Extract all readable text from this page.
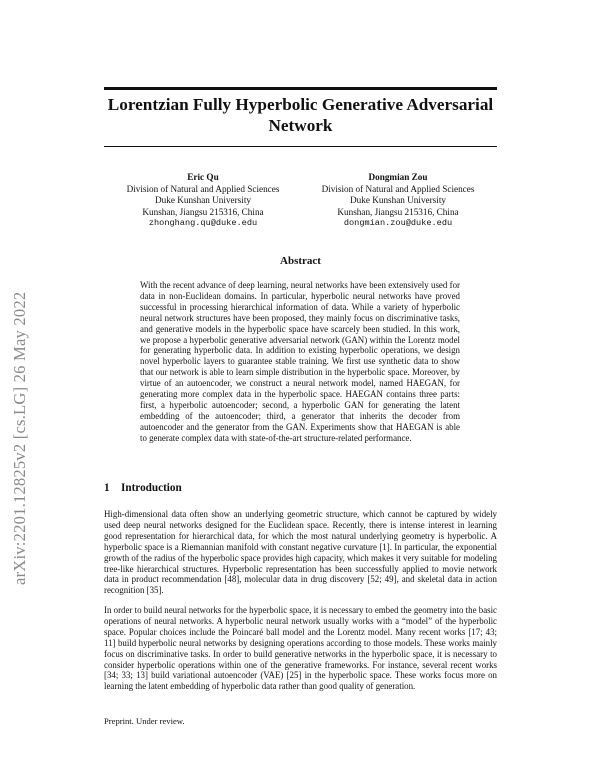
arXiv:2201.12825v2 [cs.LG] 26 May 2022
Lorentzian Fully Hyperbolic Generative Adversarial Network
Eric Qu
Division of Natural and Applied Sciences
Duke Kunshan University
Kunshan, Jiangsu 215316, China
zhonghang.qu@duke.edu
Dongmian Zou
Division of Natural and Applied Sciences
Duke Kunshan University
Kunshan, Jiangsu 215316, China
dongmian.zou@duke.edu
Abstract

With the recent advance of deep learning, neural networks have been extensively used for data in non-Euclidean domains. In particular, hyperbolic neural networks have proved successful in processing hierarchical information of data. While a variety of hyperbolic neural network structures have been proposed, they mainly focus on discriminative tasks, and generative models in the hyperbolic space have scarcely been studied. In this work, we propose a hyperbolic generative adversarial network (GAN) within the Lorentz model for generating hyperbolic data. In addition to existing hyperbolic operations, we design novel hyperbolic layers to guarantee stable training. We first use synthetic data to show that our network is able to learn simple distribution in the hyperbolic space. Moreover, by virtue of an autoencoder, we construct a neural network model, named HAEGAN, for generating more complex data in the hyperbolic space. HAEGAN contains three parts: first, a hyperbolic autoencoder; second, a hyperbolic GAN for generating the latent embedding of the autoencoder; third, a generator that inherits the decoder from autoencoder and the generator from the GAN. Experiments show that HAEGAN is able to generate complex data with state-of-the-art structure-related performance.

1 Introduction

High-dimensional data often show an underlying geometric structure, which cannot be captured by widely used deep neural networks designed for the Euclidean space. Recently, there is intense interest in learning good representation for hierarchical data, for which the most natural underlying geometry is hyperbolic. A hyperbolic space is a Riemannian manifold with constant negative curvature [1]. In particular, the exponential growth of the radius of the hyperbolic space provides high capacity, which makes it very suitable for modeling tree-like hierarchical structures. Hyperbolic representation has been successfully applied to movie network data in product recommendation [48], molecular data in drug discovery [52; 49], and skeletal data in action recognition [35].

In order to build neural networks for the hyperbolic space, it is necessary to embed the geometry into the basic operations of neural networks. A hyperbolic neural network usually works with a “model” of the hyperbolic space. Popular choices include the Poincaré ball model and the Lorentz model. Many recent works [17; 43; 11] build hyperbolic neural networks by designing operations according to those models. These works mainly focus on discriminative tasks. In order to build generative networks in the hyperbolic space, it is necessary to consider hyperbolic operations within one of the generative frameworks. For instance, several recent works [34; 33; 13] build variational autoencoder (VAE) [25] in the hyperbolic space. These works focus more on learning the latent embedding of hyperbolic data rather than good quality of generation.

Preprint. Under review.
